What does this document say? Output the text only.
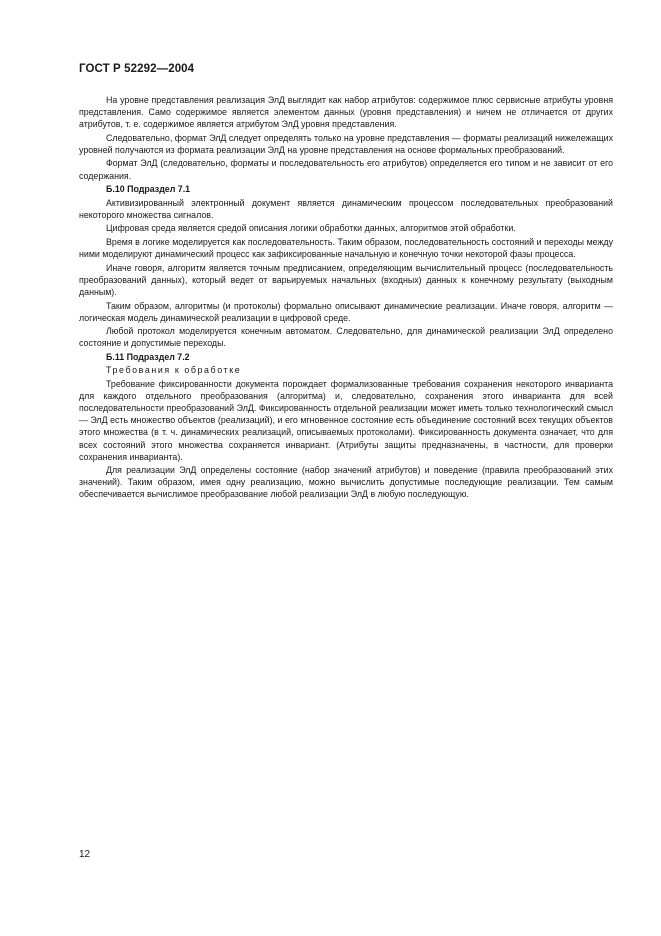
ГОСТ Р 52292—2004

На уровне представления реализация ЭлД выглядит как набор атрибутов: содержимое плюс сервисные атрибуты уровня представления. Само содержимое является элементом данных (уровня представления) и ничем не отличается от других атрибутов, т. е. содержимое является атрибутом ЭлД уровня представления.

Следовательно, формат ЭлД следует определять только на уровне представления — форматы реализаций нижележащих уровней получаются из формата реализации ЭлД на уровне представления на основе формальных преобразований.

Формат ЭлД (следовательно, форматы и последовательность его атрибутов) определяется его типом и не зависит от его содержания.

Б.10 Подраздел 7.1

Активизированный электронный документ является динамическим процессом последовательных преобразований некоторого множества сигналов.

Цифровая среда является средой описания логики обработки данных, алгоритмов этой обработки.

Время в логике моделируется как последовательность. Таким образом, последовательность состояний и переходы между ними моделируют динамический процесс как зафиксированные начальную и конечную точки некоторой фазы процесса.

Иначе говоря, алгоритм является точным предписанием, определяющим вычислительный процесс (последовательность преобразований данных), который ведет от варьируемых начальных (входных) данных к конечному результату (выходным данным).

Таким образом, алгоритмы (и протоколы) формально описывают динамические реализации. Иначе говоря, алгоритм — логическая модель динамической реализации в цифровой среде.

Любой протокол моделируется конечным автоматом. Следовательно, для динамической реализации ЭлД определено состояние и допустимые переходы.

Б.11 Подраздел 7.2

Требования к обработке

Требование фиксированности документа порождает формализованные требования сохранения некоторого инварианта для каждого отдельного преобразования (алгоритма) и, следовательно, сохранения этого инварианта для всей последовательности преобразований ЭлД. Фиксированность отдельной реализации может иметь только технологический смысл — ЭлД есть множество объектов (реализаций), и его мгновенное состояние есть объединение состояний всех текущих объектов этого множества (в т. ч. динамических реализаций, описываемых протоколами). Фиксированность документа означает, что для всех состояний этого множества сохраняется инвариант. (Атрибуты защиты предназначены, в частности, для проверки сохранения инварианта).

Для реализации ЭлД определены состояние (набор значений атрибутов) и поведение (правила преобразований этих значений). Таким образом, имея одну реализацию, можно вычислить допустимые последующие реализации. Тем самым обеспечивается вычислимое преобразование любой реализации ЭлД в любую последующую.

12
